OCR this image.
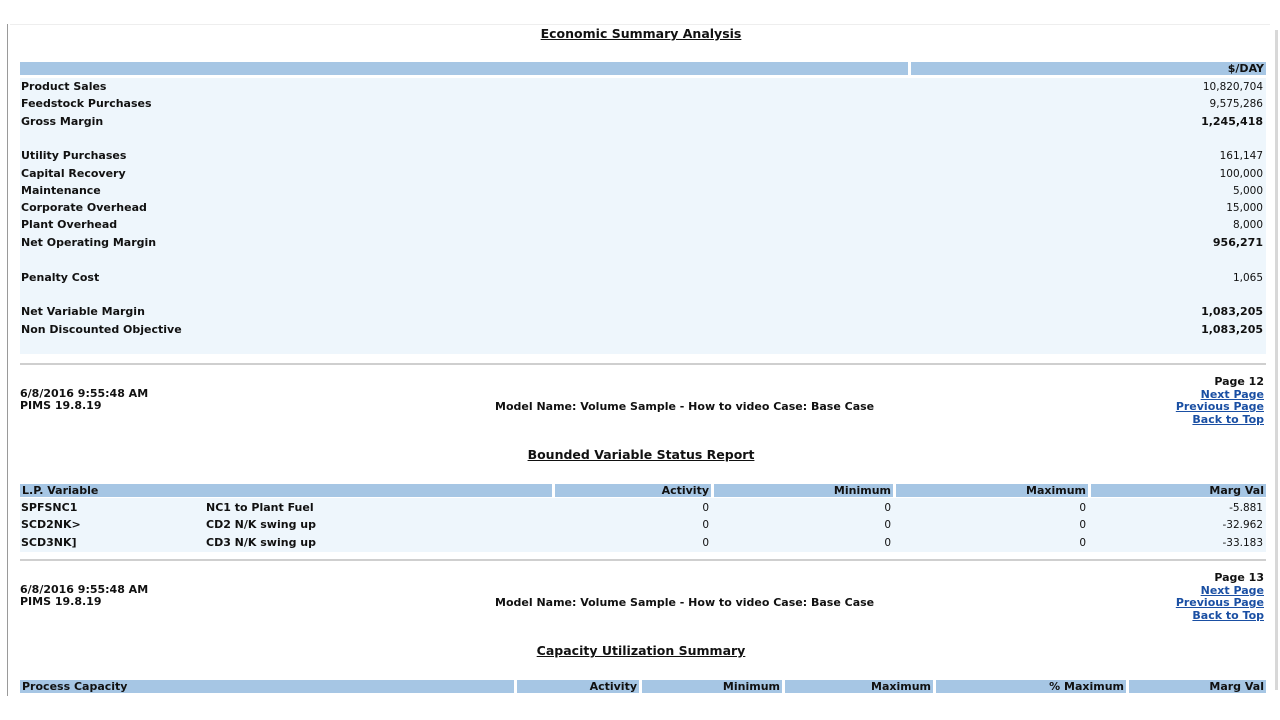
Economic Summary Analysis
$/DAY
Product Sales	10,820,704
Feedstock Purchases	9,575,286
Gross Margin	1,245,418
Utility Purchases	161,147
Capital Recovery	100,000
Maintenance	5,000
Corporate Overhead	15,000
Plant Overhead	8,000
Net Operating Margin	956,271
Penalty Cost	1,065
Net Variable Margin	1,083,205
Non Discounted Objective	1,083,205
6/8/2016 9:55:48 AM
PIMS 19.8.19	Model Name: Volume Sample - How to video Case: Base Case
Page 12
Next Page
Previous Page
Back to Top
Bounded Variable Status Report
L.P. Variable	Activity	Minimum	Maximum	Marg Val
SPFSNC1	NC1 to Plant Fuel	0	0	0	-5.881
SCD2NK>	CD2 N/K swing up	0	0	0	-32.962
SCD3NK]	CD3 N/K swing up	0	0	0	-33.183
6/8/2016 9:55:48 AM
PIMS 19.8.19	Model Name: Volume Sample - How to video Case: Base Case
Page 13
Next Page
Previous Page
Back to Top
Capacity Utilization Summary
Process Capacity	Activity	Minimum	Maximum	% Maximum	Marg Val
